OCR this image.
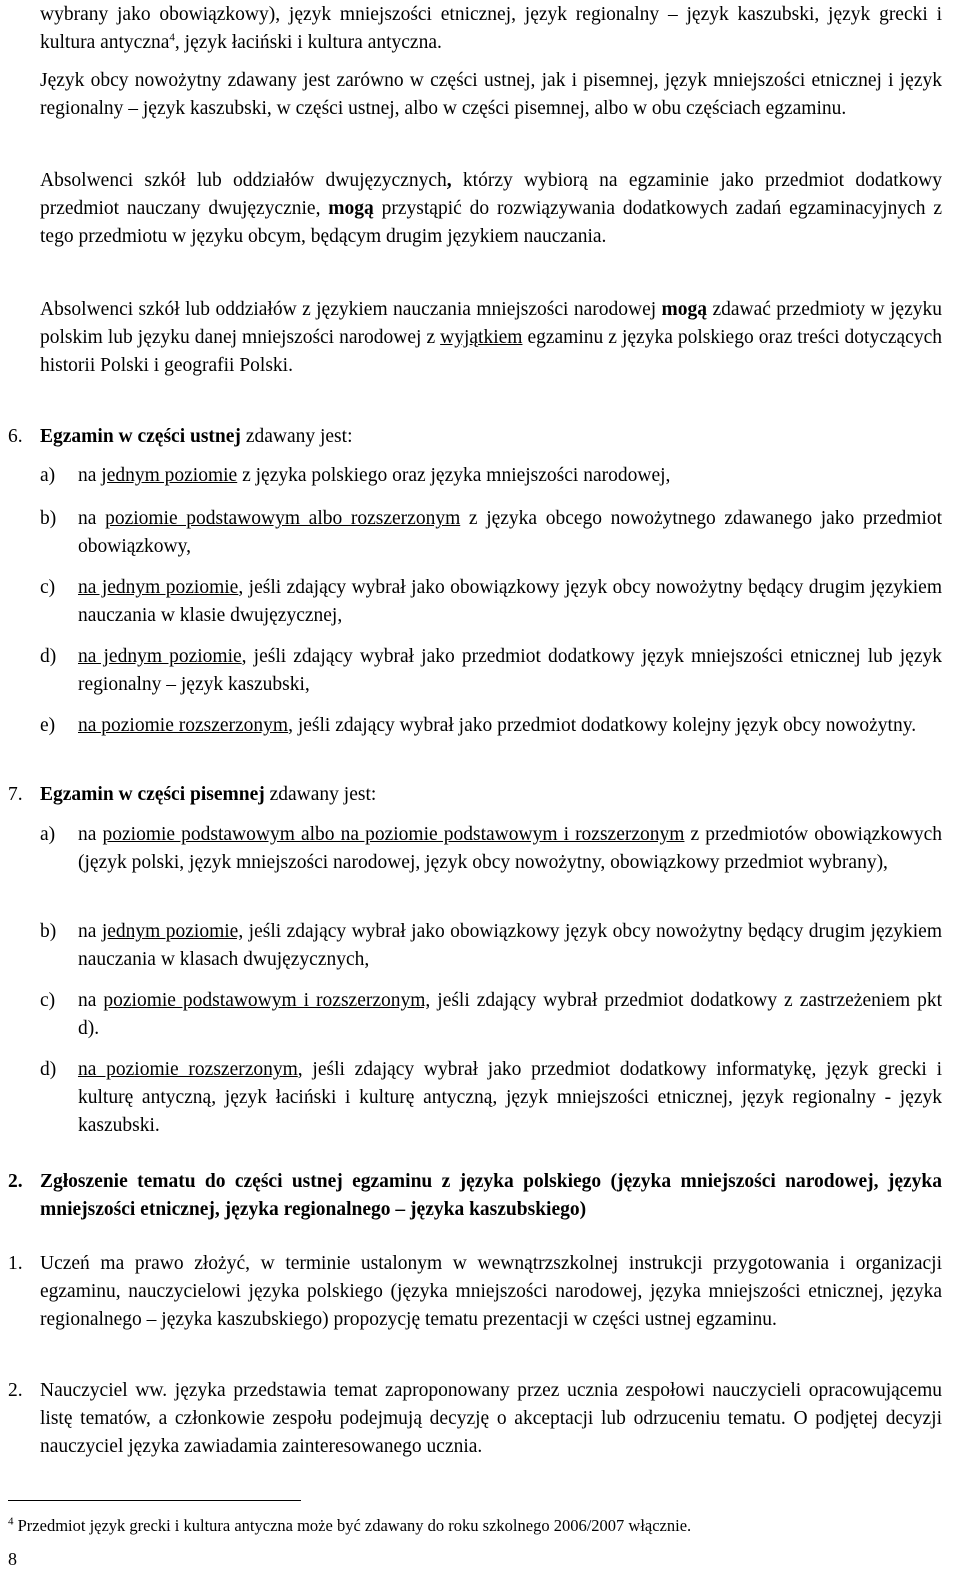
wybrany jako obowiązkowy), język mniejszości etnicznej, język regionalny – język kaszubski, język grecki i kultura antyczna$^4$, język łaciński i kultura antyczna.
Język obcy nowożytny zdawany jest zarówno w części ustnej, jak i pisemnej, język mniejszości etnicznej i język regionalny – język kaszubski, w części ustnej, albo w części pisemnej, albo w obu częściach egzaminu.
Absolwenci szkół lub oddziałów dwujęzycznych, którzy wybiorą na egzaminie jako przedmiot dodatkowy przedmiot nauczany dwujęzycznie, mogą przystąpić do rozwiązywania dodatkowych zadań egzaminacyjnych z tego przedmiotu w języku obcym, będącym drugim językiem nauczania.
Absolwenci szkół lub oddziałów z językiem nauczania mniejszości narodowej mogą zdawać przedmioty w języku polskim lub języku danej mniejszości narodowej z wyjątkiem egzaminu z języka polskiego oraz treści dotyczących historii Polski i geografii Polski.
6. Egzamin w części ustnej zdawany jest:
a) na jednym poziomie z języka polskiego oraz języka mniejszości narodowej,
b) na poziomie podstawowym albo rozszerzonym z języka obcego nowożytnego zdawanego jako przedmiot obowiązkowy,
c) na jednym poziomie, jeśli zdający wybrał jako obowiązkowy język obcy nowożytny będący drugim językiem nauczania w klasie dwujęzycznej,
d) na jednym poziomie, jeśli zdający wybrał jako przedmiot dodatkowy język mniejszości etnicznej lub język regionalny – język kaszubski,
e) na poziomie rozszerzonym, jeśli zdający wybrał jako przedmiot dodatkowy kolejny język obcy nowożytny.
7. Egzamin w części pisemnej zdawany jest:
a) na poziomie podstawowym albo na poziomie podstawowym i rozszerzonym z przedmiotów obowiązkowych (język polski, język mniejszości narodowej, język obcy nowożytny, obowiązkowy przedmiot wybrany),
b) na jednym poziomie, jeśli zdający wybrał jako obowiązkowy język obcy nowożytny będący drugim językiem nauczania w klasach dwujęzycznych,
c) na poziomie podstawowym i rozszerzonym, jeśli zdający wybrał przedmiot dodatkowy z zastrzeżeniem pkt d).
d) na poziomie rozszerzonym, jeśli zdający wybrał jako przedmiot dodatkowy informatykę, język grecki i kulturę antyczną, język łaciński i kulturę antyczną, język mniejszości etnicznej, język regionalny - język kaszubski.
2. Zgłoszenie tematu do części ustnej egzaminu z języka polskiego (języka mniejszości narodowej, języka mniejszości etnicznej, języka regionalnego – języka kaszubskiego)
1. Uczeń ma prawo złożyć, w terminie ustalonym w wewnątrzszkolnej instrukcji przygotowania i organizacji egzaminu, nauczycielowi języka polskiego (języka mniejszości narodowej, języka mniejszości etnicznej, języka regionalnego – języka kaszubskiego) propozycję tematu prezentacji w części ustnej egzaminu.
2. Nauczyciel ww. języka przedstawia temat zaproponowany przez ucznia zespołowi nauczycieli opracowującemu listę tematów, a członkowie zespołu podejmują decyzję o akceptacji lub odrzuceniu tematu. O podjętej decyzji nauczyciel języka zawiadamia zainteresowanego ucznia.
$^4$ Przedmiot język grecki i kultura antyczna może być zdawany do roku szkolnego 2006/2007 włącznie.
8
